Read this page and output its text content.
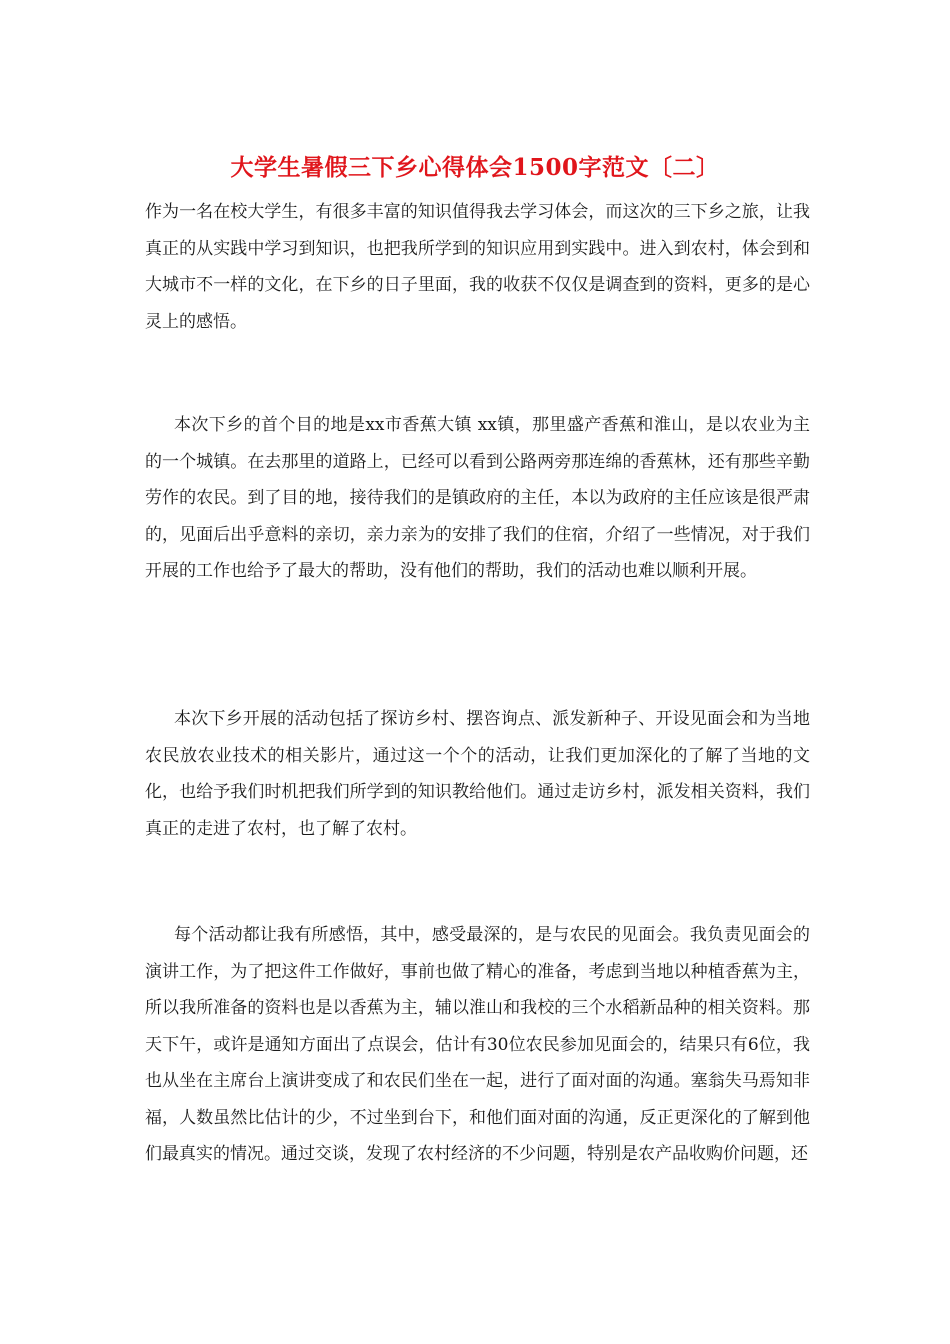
大学生暑假三下乡心得体会1500字范文〔二〕

作为一名在校大学生，有很多丰富的知识值得我去学习体会，而这次的三下乡之旅，让我真正的从实践中学习到知识，也把我所学到的知识应用到实践中。进入到农村，体会到和大城市不一样的文化，在下乡的日子里面，我的收获不仅仅是调查到的资料，更多的是心灵上的感悟。

本次下乡的首个目的地是xx市香蕉大镇 xx镇，那里盛产香蕉和淮山，是以农业为主的一个城镇。在去那里的道路上，已经可以看到公路两旁那连绵的香蕉林，还有那些辛勤劳作的农民。到了目的地，接待我们的是镇政府的主任，本以为政府的主任应该是很严肃的，见面后出乎意料的亲切，亲力亲为的安排了我们的住宿，介绍了一些情况，对于我们开展的工作也给予了最大的帮助，没有他们的帮助，我们的活动也难以顺利开展。

本次下乡开展的活动包括了探访乡村、摆咨询点、派发新种子、开设见面会和为当地农民放农业技术的相关影片，通过这一个个的活动，让我们更加深化的了解了当地的文化，也给予我们时机把我们所学到的知识教给他们。通过走访乡村，派发相关资料，我们真正的走进了农村，也了解了农村。

每个活动都让我有所感悟，其中，感受最深的，是与农民的见面会。我负责见面会的演讲工作，为了把这件工作做好，事前也做了精心的准备，考虑到当地以种植香蕉为主，所以我所准备的资料也是以香蕉为主，辅以淮山和我校的三个水稻新品种的相关资料。那天下午，或许是通知方面出了点误会，估计有30位农民参加见面会的，结果只有6位，我也从坐在主席台上演讲变成了和农民们坐在一起，进行了面对面的沟通。塞翁失马焉知非福，人数虽然比估计的少，不过坐到台下，和他们面对面的沟通，反正更深化的了解到他们最真实的情况。通过交谈，发现了农村经济的不少问题，特别是农产品收购价问题，还
